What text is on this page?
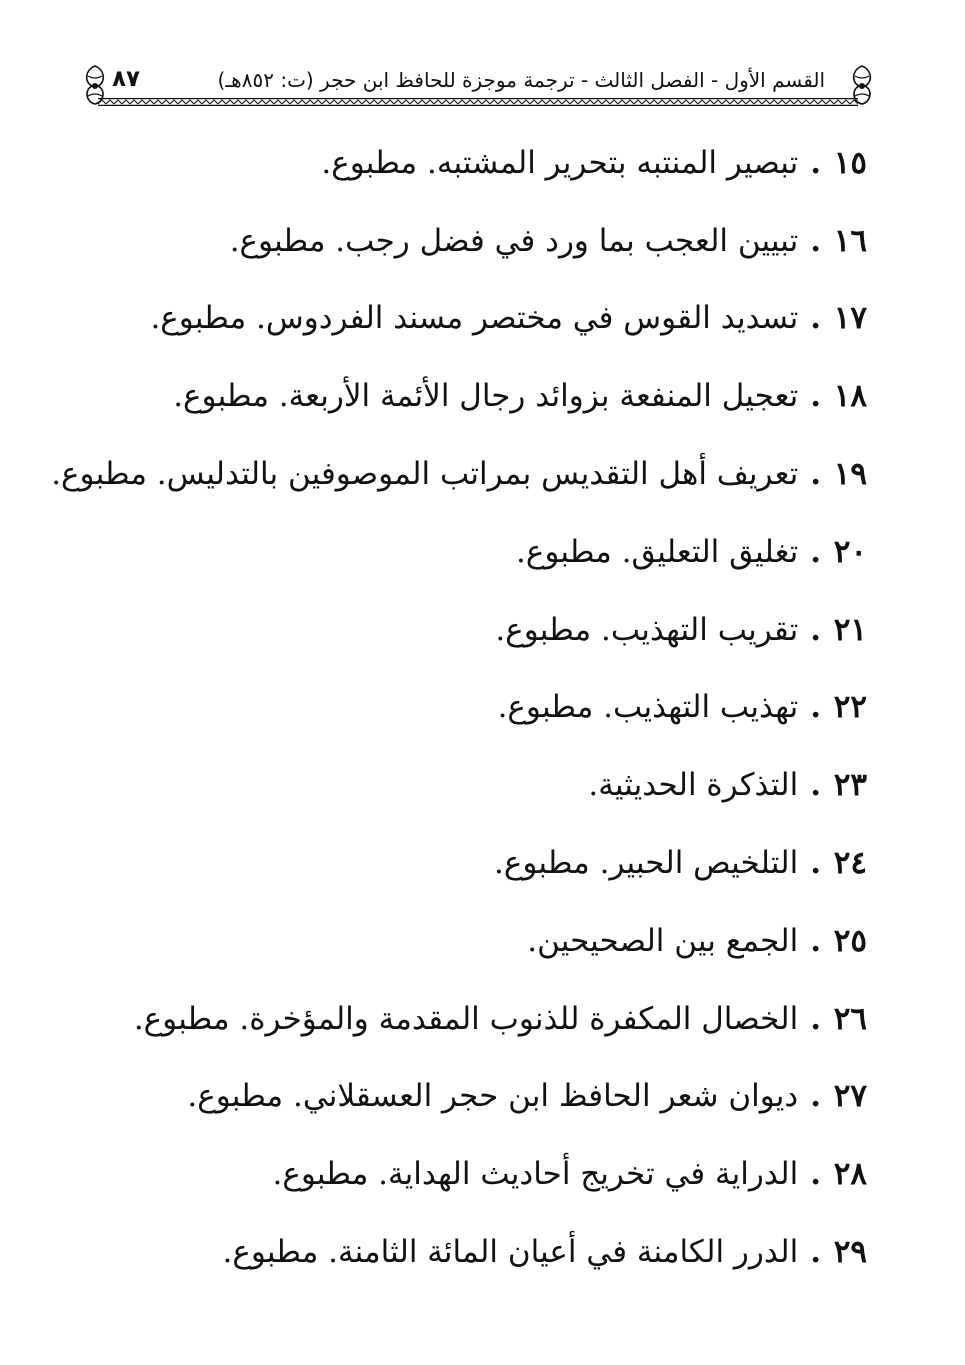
القسم الأول - الفصل الثالث - ترجمة موجزة للحافظ ابن حجر (ت: ٨٥٢هـ)
٨٧
١٥
.
تبصير المنتبه بتحرير المشتبه. مطبوع.
١٦
.
تبيين العجب بما ورد في فضل رجب. مطبوع.
١٧
.
تسديد القوس في مختصر مسند الفردوس. مطبوع.
١٨
.
تعجيل المنفعة بزوائد رجال الأئمة الأربعة. مطبوع.
١٩
.
تعريف أهل التقديس بمراتب الموصوفين بالتدليس. مطبوع.
٢٠
.
تغليق التعليق. مطبوع.
٢١
.
تقريب التهذيب. مطبوع.
٢٢
.
تهذيب التهذيب. مطبوع.
٢٣
.
التذكرة الحديثية.
٢٤
.
التلخيص الحبير. مطبوع.
٢٥
.
الجمع بين الصحيحين.
٢٦
.
الخصال المكفرة للذنوب المقدمة والمؤخرة. مطبوع.
٢٧
.
ديوان شعر الحافظ ابن حجر العسقلاني. مطبوع.
٢٨
.
الدراية في تخريج أحاديث الهداية. مطبوع.
٢٩
.
الدرر الكامنة في أعيان المائة الثامنة. مطبوع.
